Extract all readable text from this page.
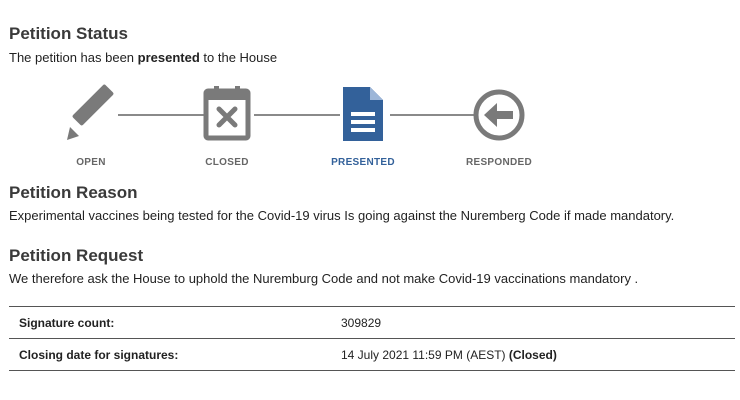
Petition Status

The petition has been presented to the House

OPEN	CLOSED	PRESENTED	RESPONDED
Petition Reason

Experimental vaccines being tested for the Covid-19 virus Is going against the Nuremberg Code if made mandatory.

Petition Request

We therefore ask the House to uphold the Nuremburg Code and not make Covid-19 vaccinations mandatory .

Signature count:	309829
Closing date for signatures:	14 July 2021 11:59 PM (AEST) (Closed)
